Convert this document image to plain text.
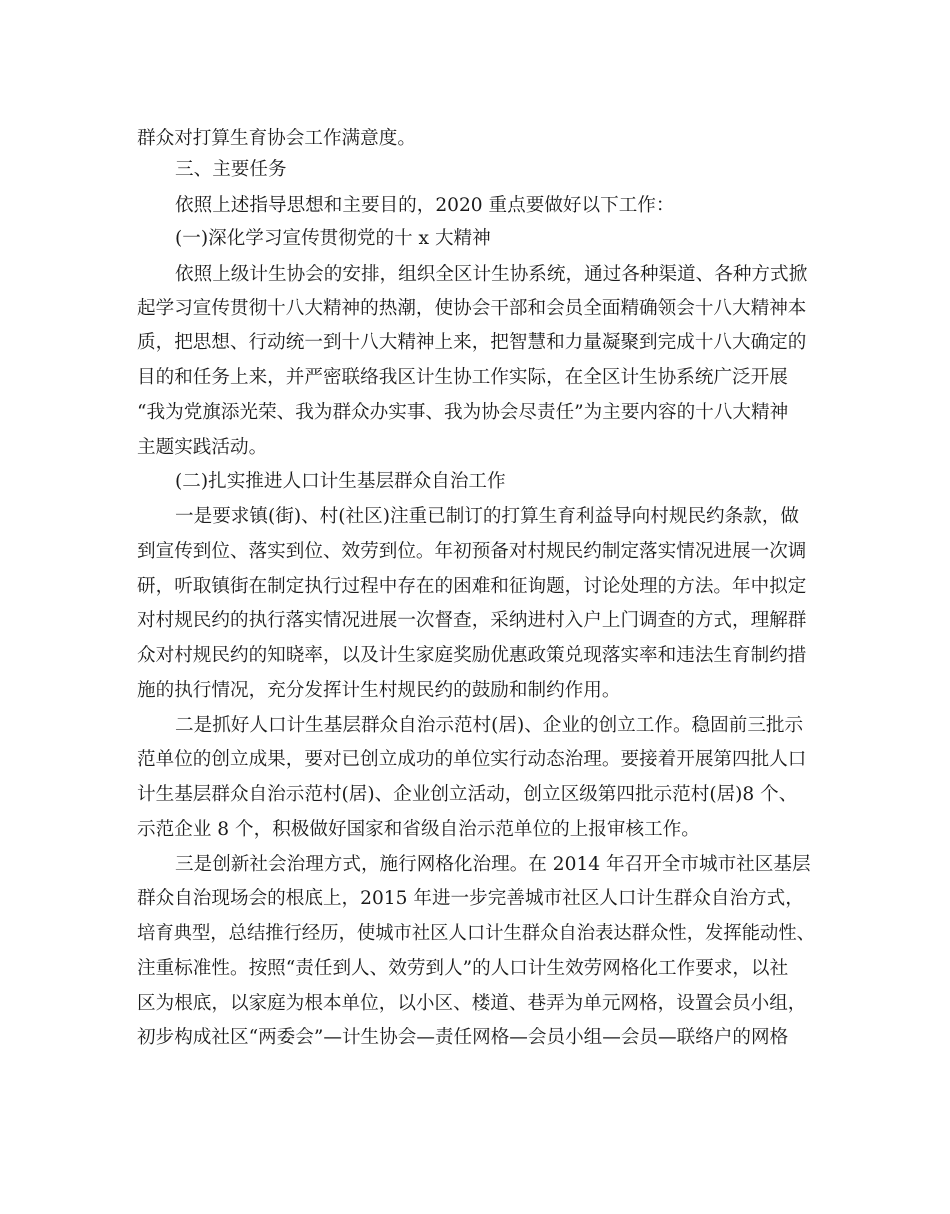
群众对打算生育协会工作满意度。
三、主要任务
依照上述指导思想和主要目的，2020 重点要做好以下工作：
(一)深化学习宣传贯彻党的十 x 大精神
依照上级计生协会的安排，组织全区计生协系统，通过各种渠道、各种方式掀
起学习宣传贯彻十八大精神的热潮，使协会干部和会员全面精确领会十八大精神本
质，把思想、行动统一到十八大精神上来，把智慧和力量凝聚到完成十八大确定的
目的和任务上来，并严密联络我区计生协工作实际，在全区计生协系统广泛开展
“我为党旗添光荣、我为群众办实事、我为协会尽责任”为主要内容的十八大精神
主题实践活动。
(二)扎实推进人口计生基层群众自治工作
一是要求镇(街)、村(社区)注重已制订的打算生育利益导向村规民约条款，做
到宣传到位、落实到位、效劳到位。年初预备对村规民约制定落实情况进展一次调
研，听取镇街在制定执行过程中存在的困难和征询题，讨论处理的方法。年中拟定
对村规民约的执行落实情况进展一次督查，采纳进村入户上门调查的方式，理解群
众对村规民约的知晓率，以及计生家庭奖励优惠政策兑现落实率和违法生育制约措
施的执行情况，充分发挥计生村规民约的鼓励和制约作用。
二是抓好人口计生基层群众自治示范村(居)、企业的创立工作。稳固前三批示
范单位的创立成果，要对已创立成功的单位实行动态治理。要接着开展第四批人口
计生基层群众自治示范村(居)、企业创立活动，创立区级第四批示范村(居)8 个、
示范企业 8 个，积极做好国家和省级自治示范单位的上报审核工作。
三是创新社会治理方式，施行网格化治理。在 2014 年召开全市城市社区基层
群众自治现场会的根底上，2015 年进一步完善城市社区人口计生群众自治方式，
培育典型，总结推行经历，使城市社区人口计生群众自治表达群众性，发挥能动性、
注重标准性。按照“责任到人、效劳到人”的人口计生效劳网格化工作要求，以社
区为根底，以家庭为根本单位，以小区、楼道、巷弄为单元网格，设置会员小组，
初步构成社区“两委会”—计生协会—责任网格—会员小组—会员—联络户的网格
